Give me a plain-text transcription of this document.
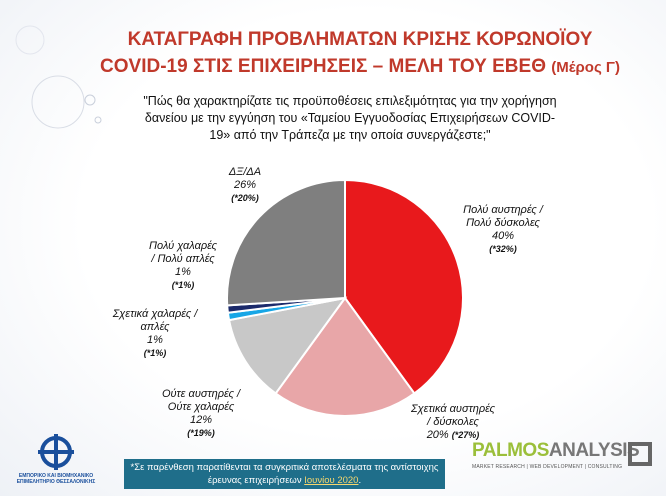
ΚΑΤΑΓΡΑΦΗ ΠΡΟΒΛΗΜΑΤΩΝ ΚΡΙΣΗΣ ΚΟΡΩΝΟΪΟΥ
COVID-19 ΣΤΙΣ ΕΠΙΧΕΙΡΗΣΕΙΣ – ΜΕΛΗ ΤΟΥ ΕΒΕΘ (Μέρος Γ)
"Πώς θα χαρακτηρίζατε τις προϋποθέσεις επιλεξιμότητας για την χορήγηση δανείου με την εγγύηση του «Ταμείου Εγγυοδοσίας Επιχειρήσεων COVID-19» από την Τράπεζα με την οποία συνεργάζεστε;"
Πολύ αυστηρές /
Πολύ δύσκολες
40%
(*32%)
Σχετικά αυστηρές
/ δύσκολες
20% (*27%)
Ούτε αυστηρές /
Ούτε χαλαρές
12%
(*19%)
Σχετικά χαλαρές /
απλές
1%
(*1%)
Πολύ χαλαρές
/ Πολύ απλές
1%
(*1%)
ΔΞ/ΔΑ
26%
(*20%)
ΕΜΠΟΡΙΚΟ ΚΑΙ ΒΙΟΜΗΧΑΝΙΚΟ ΕΠΙΜΕΛΗΤΗΡΙΟ ΘΕΣΣΑΛΟΝΙΚΗΣ
*Σε παρένθεση παρατίθενται τα συγκριτικά αποτελέσματα της αντίστοιχης έρευνας επιχειρήσεων Ιουνίου 2020.
PALMOSANALYSIS
MARKET RESEARCH | WEB DEVELOPMENT | CONSULTING
